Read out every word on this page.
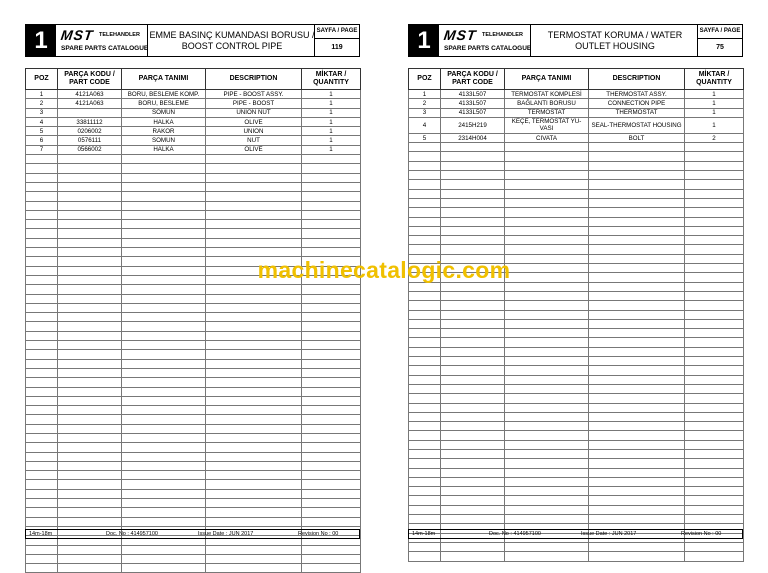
1 MST TELEHANDLER
SPARE PARTS CATALOGUE
EMME BASINÇ KUMANDASI BORUSU /
BOOST CONTROL PIPE
SAYFA / PAGE
119
POZ	PARÇA KODU /
PART CODE	PARÇA TANIMI	DESCRIPTION	MİKTAR /
QUANTITY
1	4121A063	BORU, BESLEME KOMP.	PIPE - BOOST ASSY.	1
2	4121A063	BORU, BESLEME	PIPE - BOOST	1
3		SOMUN	UNION NUT	1
4	33811112	HALKA	OLIVE	1
5	0206002	RAKOR	UNION	1
6	0576111	SOMUN	NUT	1
7	0566002	HALKA	OLIVE	1

14m-18m	Doc. No : 414957100	Issue Date : JUN 2017	Revision No : 00
1 MST TELEHANDLER
SPARE PARTS CATALOGUE
TERMOSTAT KORUMA / WATER
OUTLET HOUSING
SAYFA / PAGE
75
POZ	PARÇA KODU /
PART CODE	PARÇA TANIMI	DESCRIPTION	MİKTAR /
QUANTITY
1	4133L507	TERMOSTAT KOMPLESİ	THERMOSTAT ASSY.	1
2	4133L507	BAĞLANTI BORUSU	CONNECTION PIPE	1
3	4133L507	TERMOSTAT	THERMOSTAT	1
4	2415H219	KEÇE, TERMOSTAT YU-VASI	SEAL-THERMOSTAT HOUSING	1
5	2314H004	CIVATA	BOLT	2

14m-18m	Doc. No : 414957100	Issue Date : JUN 2017	Revision No : 00
machinecatalogic.com
